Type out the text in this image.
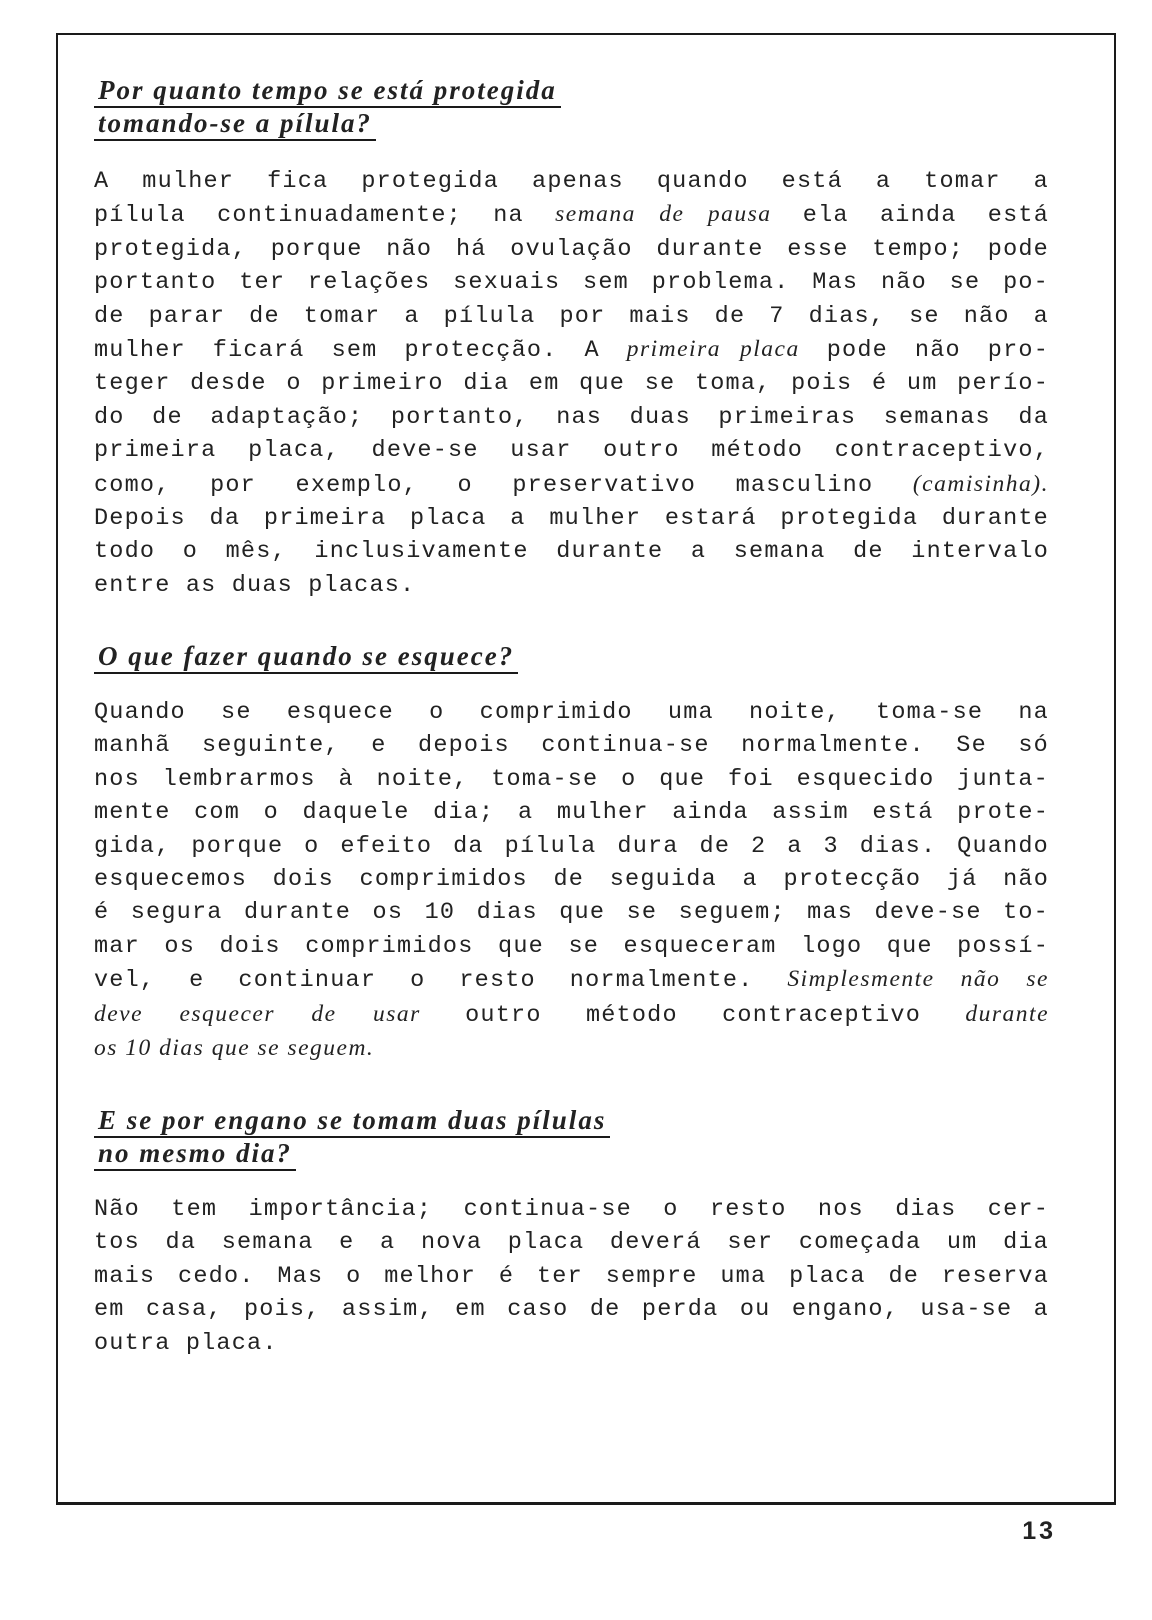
Por quanto tempo se está protegida
tomando-se a pílula?
A mulher fica protegida apenas quando está a tomar a
pílula continuadamente; na semana de pausa ela ainda está
protegida, porque não há ovulação durante esse tempo; pode
portanto ter relações sexuais sem problema. Mas não se po-
de parar de tomar a pílula por mais de 7 dias, se não a
mulher ficará sem protecção. A primeira placa pode não pro-
teger desde o primeiro dia em que se toma, pois é um perío-
do de adaptação; portanto, nas duas primeiras semanas da
primeira placa, deve-se usar outro método contraceptivo,
como, por exemplo, o preservativo masculino (camisinha).
Depois da primeira placa a mulher estará protegida durante
todo o mês, inclusivamente durante a semana de intervalo
entre as duas placas.
O que fazer quando se esquece?
Quando se esquece o comprimido uma noite, toma-se na
manhã seguinte, e depois continua-se normalmente. Se só
nos lembrarmos à noite, toma-se o que foi esquecido junta-
mente com o daquele dia; a mulher ainda assim está prote-
gida, porque o efeito da pílula dura de 2 a 3 dias. Quando
esquecemos dois comprimidos de seguida a protecção já não
é segura durante os 10 dias que se seguem; mas deve-se to-
mar os dois comprimidos que se esqueceram logo que possí-
vel, e continuar o resto normalmente. Simplesmente não se
deve esquecer de usar outro método contraceptivo durante
os 10 dias que se seguem.
E se por engano se tomam duas pílulas
no mesmo dia?
Não tem importância; continua-se o resto nos dias cer-
tos da semana e a nova placa deverá ser começada um dia
mais cedo. Mas o melhor é ter sempre uma placa de reserva
em casa, pois, assim, em caso de perda ou engano, usa-se a
outra placa.
13
